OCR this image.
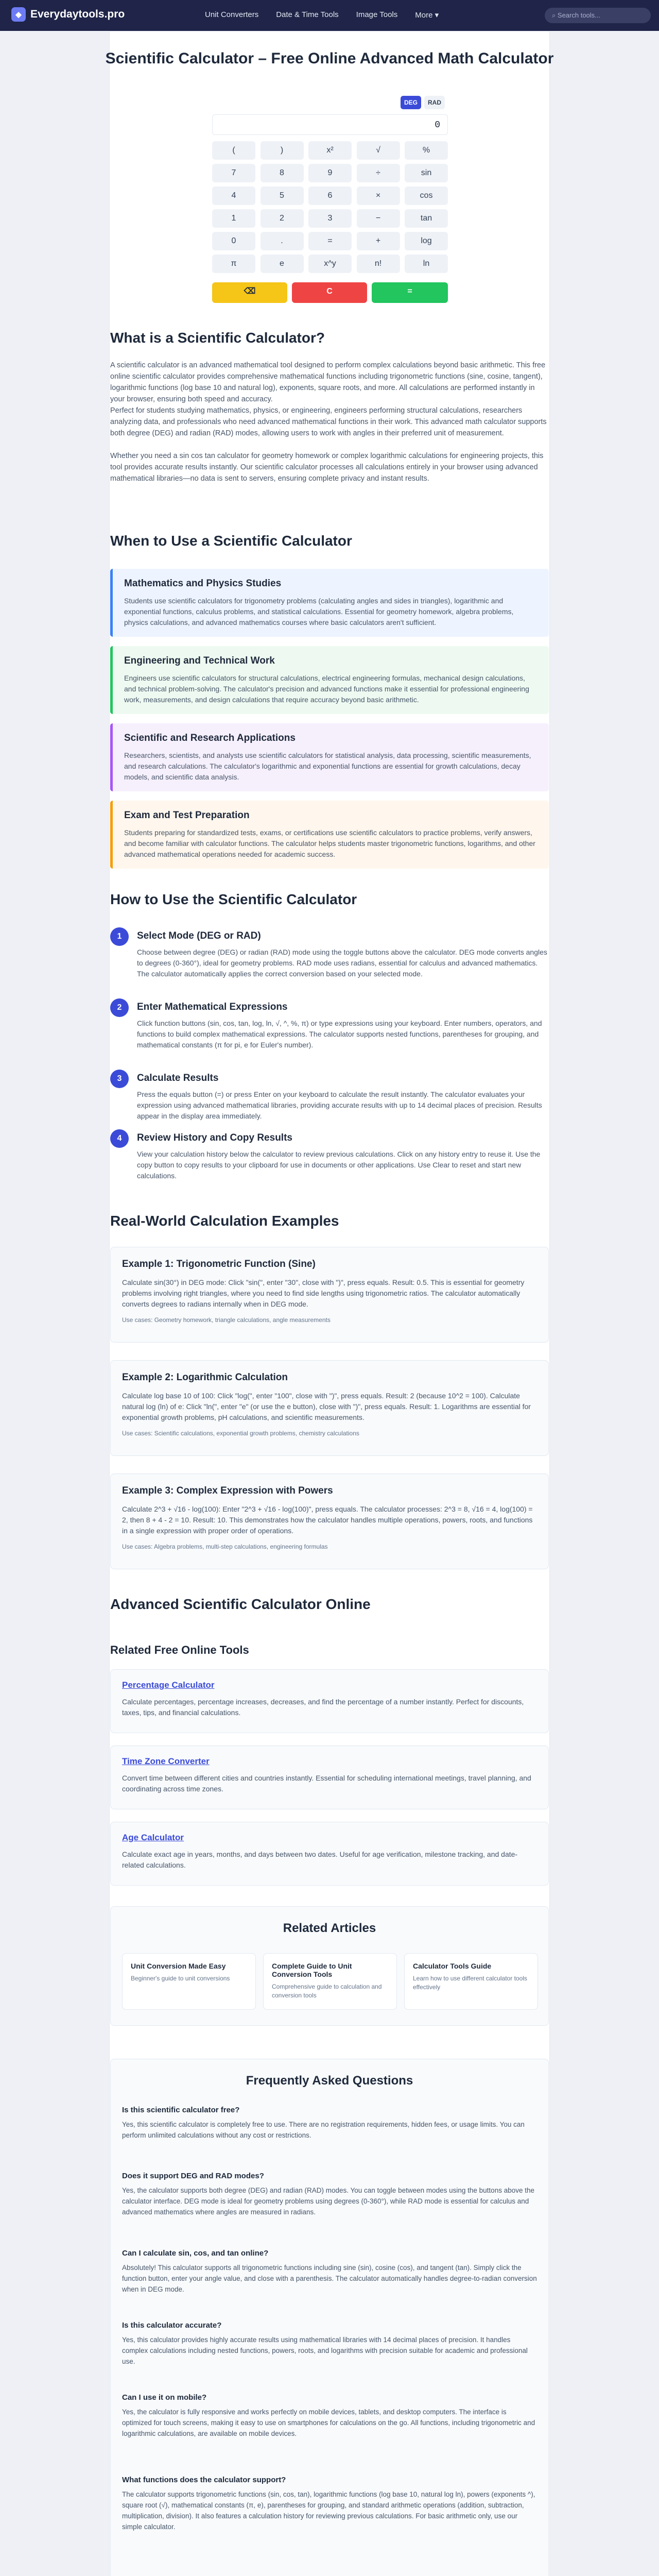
◆ Everydaytools.pro	Unit Converters Date & Time Tools Image Tools More ▾	⌕ Search tools...
Scientific Calculator – Free Online Advanced Math Calculator
DEG	RAD
0
(	)	x²	√	%
7	8	9	÷	sin
4	5	6	×	cos
1	2	3	−	tan
0	.	=	+	log
π	e	x^y	n!	ln
⌫	C	=
What is a Scientific Calculator?

A scientific calculator is an advanced mathematical tool designed to perform complex calculations beyond basic arithmetic. This free online scientific calculator provides comprehensive mathematical functions including trigonometric functions (sine, cosine, tangent), logarithmic functions (log base 10 and natural log), exponents, square roots, and more. All calculations are performed instantly in your browser, ensuring both speed and accuracy.

Perfect for students studying mathematics, physics, or engineering, engineers performing structural calculations, researchers analyzing data, and professionals who need advanced mathematical functions in their work. This advanced math calculator supports both degree (DEG) and radian (RAD) modes, allowing users to work with angles in their preferred unit of measurement.

Whether you need a sin cos tan calculator for geometry homework or complex logarithmic calculations for engineering projects, this tool provides accurate results instantly. Our scientific calculator processes all calculations entirely in your browser using advanced mathematical libraries—no data is sent to servers, ensuring complete privacy and instant results.

When to Use a Scientific Calculator
Mathematics and Physics Studies

Students use scientific calculators for trigonometry problems (calculating angles and sides in triangles), logarithmic and exponential functions, calculus problems, and statistical calculations. Essential for geometry homework, algebra problems, physics calculations, and advanced mathematics courses where basic calculators aren't sufficient.

Engineering and Technical Work

Engineers use scientific calculators for structural calculations, electrical engineering formulas, mechanical design calculations, and technical problem-solving. The calculator's precision and advanced functions make it essential for professional engineering work, measurements, and design calculations that require accuracy beyond basic arithmetic.

Scientific and Research Applications

Researchers, scientists, and analysts use scientific calculators for statistical analysis, data processing, scientific measurements, and research calculations. The calculator's logarithmic and exponential functions are essential for growth calculations, decay models, and scientific data analysis.

Exam and Test Preparation

Students preparing for standardized tests, exams, or certifications use scientific calculators to practice problems, verify answers, and become familiar with calculator functions. The calculator helps students master trigonometric functions, logarithms, and other advanced mathematical operations needed for academic success.

How to Use the Scientific Calculator
1	Select Mode (DEG or RAD)

Choose between degree (DEG) or radian (RAD) mode using the toggle buttons above the calculator. DEG mode converts angles to degrees (0-360°), ideal for geometry problems. RAD mode uses radians, essential for calculus and advanced mathematics. The calculator automatically applies the correct conversion based on your selected mode.

2	Enter Mathematical Expressions

Click function buttons (sin, cos, tan, log, ln, √, ^, %, π) or type expressions using your keyboard. Enter numbers, operators, and functions to build complex mathematical expressions. The calculator supports nested functions, parentheses for grouping, and mathematical constants (π for pi, e for Euler's number).

3	Calculate Results

Press the equals button (=) or press Enter on your keyboard to calculate the result instantly. The calculator evaluates your expression using advanced mathematical libraries, providing accurate results with up to 14 decimal places of precision. Results appear in the display area immediately.

4	Review History and Copy Results

View your calculation history below the calculator to review previous calculations. Click on any history entry to reuse it. Use the copy button to copy results to your clipboard for use in documents or other applications. Use Clear to reset and start new calculations.

Real-World Calculation Examples
Example 1: Trigonometric Function (Sine)

Calculate sin(30°) in DEG mode: Click "sin(", enter "30", close with ")", press equals. Result: 0.5. This is essential for geometry problems involving right triangles, where you need to find side lengths using trigonometric ratios. The calculator automatically converts degrees to radians internally when in DEG mode.

Use cases: Geometry homework, triangle calculations, angle measurements

Example 2: Logarithmic Calculation

Calculate log base 10 of 100: Click "log(", enter "100", close with ")", press equals. Result: 2 (because 10^2 = 100). Calculate natural log (ln) of e: Click "ln(", enter "e" (or use the e button), close with ")", press equals. Result: 1. Logarithms are essential for exponential growth problems, pH calculations, and scientific measurements.

Use cases: Scientific calculations, exponential growth problems, chemistry calculations

Example 3: Complex Expression with Powers

Calculate 2^3 + √16 - log(100): Enter "2^3 + √16 - log(100)", press equals. The calculator processes: 2^3 = 8, √16 = 4, log(100) = 2, then 8 + 4 - 2 = 10. Result: 10. This demonstrates how the calculator handles multiple operations, powers, roots, and functions in a single expression with proper order of operations.

Use cases: Algebra problems, multi-step calculations, engineering formulas

Advanced Scientific Calculator Online
Related Free Online Tools
Percentage Calculator

Calculate percentages, percentage increases, decreases, and find the percentage of a number instantly. Perfect for discounts, taxes, tips, and financial calculations.

Time Zone Converter

Convert time between different cities and countries instantly. Essential for scheduling international meetings, travel planning, and coordinating across time zones.

Age Calculator

Calculate exact age in years, months, and days between two dates. Useful for age verification, milestone tracking, and date-related calculations.

Related Articles
Unit Conversion Made Easy

Beginner's guide to unit conversions

Complete Guide to Unit Conversion Tools

Comprehensive guide to calculation and conversion tools

Calculator Tools Guide

Learn how to use different calculator tools effectively

Frequently Asked Questions
Is this scientific calculator free?

Yes, this scientific calculator is completely free to use. There are no registration requirements, hidden fees, or usage limits. You can perform unlimited calculations without any cost or restrictions.

Does it support DEG and RAD modes?

Yes, the calculator supports both degree (DEG) and radian (RAD) modes. You can toggle between modes using the buttons above the calculator interface. DEG mode is ideal for geometry problems using degrees (0-360°), while RAD mode is essential for calculus and advanced mathematics where angles are measured in radians.

Can I calculate sin, cos, and tan online?

Absolutely! This calculator supports all trigonometric functions including sine (sin), cosine (cos), and tangent (tan). Simply click the function button, enter your angle value, and close with a parenthesis. The calculator automatically handles degree-to-radian conversion when in DEG mode.

Is this calculator accurate?

Yes, this calculator provides highly accurate results using mathematical libraries with 14 decimal places of precision. It handles complex calculations including nested functions, powers, roots, and logarithms with precision suitable for academic and professional use.

Can I use it on mobile?

Yes, the calculator is fully responsive and works perfectly on mobile devices, tablets, and desktop computers. The interface is optimized for touch screens, making it easy to use on smartphones for calculations on the go. All functions, including trigonometric and logarithmic calculations, are available on mobile devices.

What functions does the calculator support?

The calculator supports trigonometric functions (sin, cos, tan), logarithmic functions (log base 10, natural log ln), powers (exponents ^), square root (√), mathematical constants (π, e), parentheses for grouping, and standard arithmetic operations (addition, subtraction, multiplication, division). It also features a calculation history for reviewing previous calculations. For basic arithmetic only, use our simple calculator.
